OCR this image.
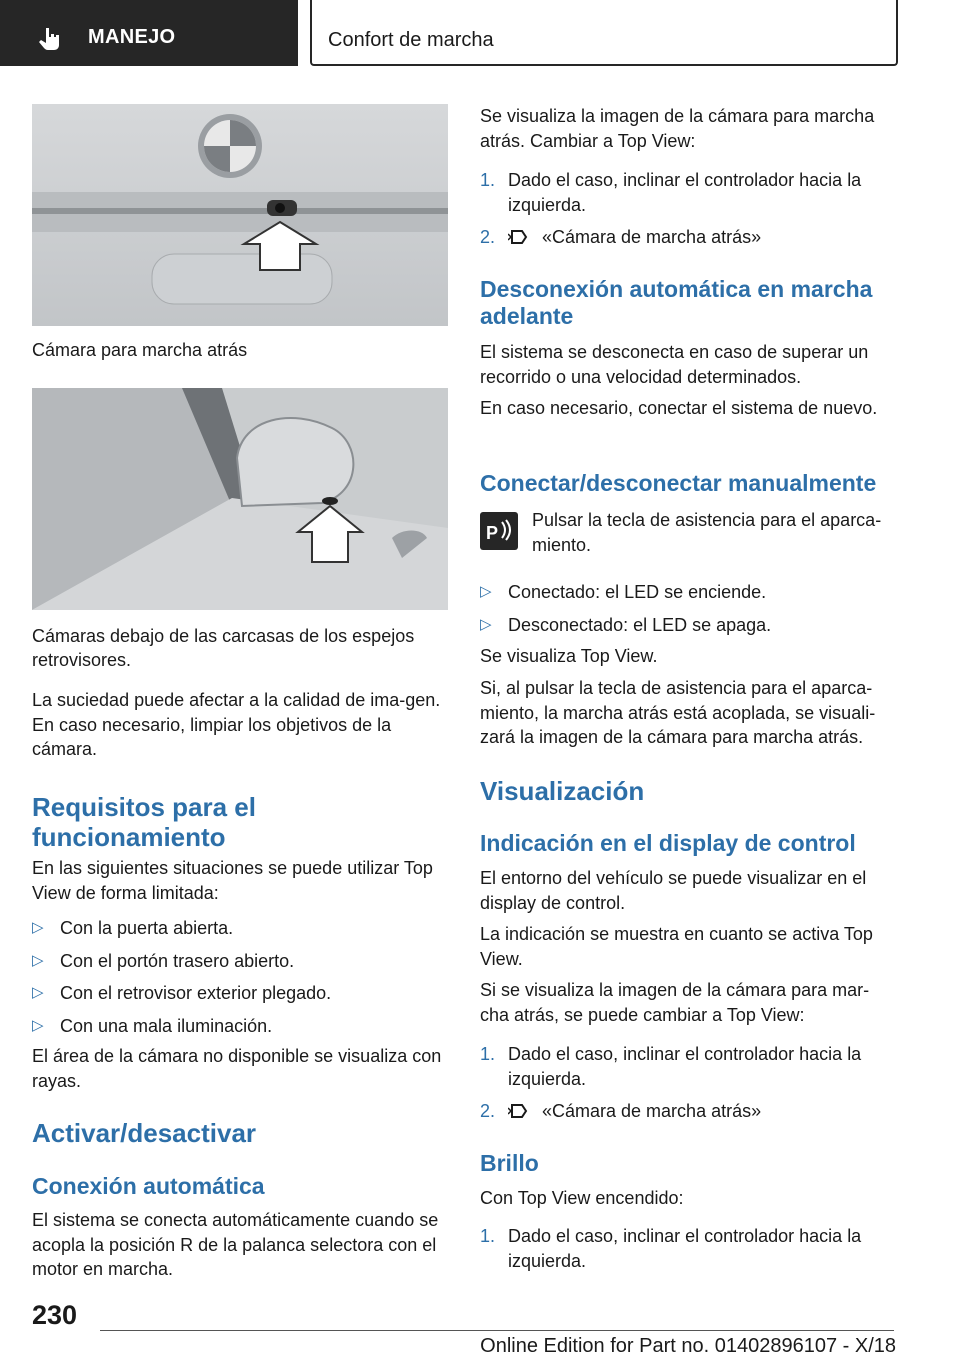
MANEJO	Confort de marcha
Cámara para marcha atrás
Cámaras debajo de las carcasas de los espejos retrovisores.

La suciedad puede afectar a la calidad de ima-gen. En caso necesario, limpiar los objetivos de la cámara.

Requisitos para el funcionamiento

En las siguientes situaciones se puede utilizar Top View de forma limitada:

▷ Con la puerta abierta.
▷ Con el portón trasero abierto.
▷ Con el retrovisor exterior plegado.
▷ Con una mala iluminación.

El área de la cámara no disponible se visualiza con rayas.

Activar/desactivar
Conexión automática

El sistema se conecta automáticamente cuando se acopla la posición R de la palanca selectora con el motor en marcha.

Se visualiza la imagen de la cámara para marcha atrás. Cambiar a Top View:

1. Dado el caso, inclinar el controlador hacia la izquierda.
2.	«Cámara de marcha atrás»
Desconexión automática en marcha adelante

El sistema se desconecta en caso de superar un recorrido o una velocidad determinados.

En caso necesario, conectar el sistema de nuevo.

Conectar/desconectar manualmente
P

Pulsar la tecla de asistencia para el aparca-miento.

▷ Conectado: el LED se enciende.
▷ Desconectado: el LED se apaga.

Se visualiza Top View.

Si, al pulsar la tecla de asistencia para el aparca-miento, la marcha atrás está acoplada, se visuali-zará la imagen de la cámara para marcha atrás.

Visualización
Indicación en el display de control

El entorno del vehículo se puede visualizar en el display de control.

La indicación se muestra en cuanto se activa Top View.

Si se visualiza la imagen de la cámara para mar-cha atrás, se puede cambiar a Top View:

1. Dado el caso, inclinar el controlador hacia la izquierda.
2.	«Cámara de marcha atrás»
Brillo

Con Top View encendido:

1. Dado el caso, inclinar el controlador hacia la izquierda.
230
Online Edition for Part no. 01402896107 - X/18
